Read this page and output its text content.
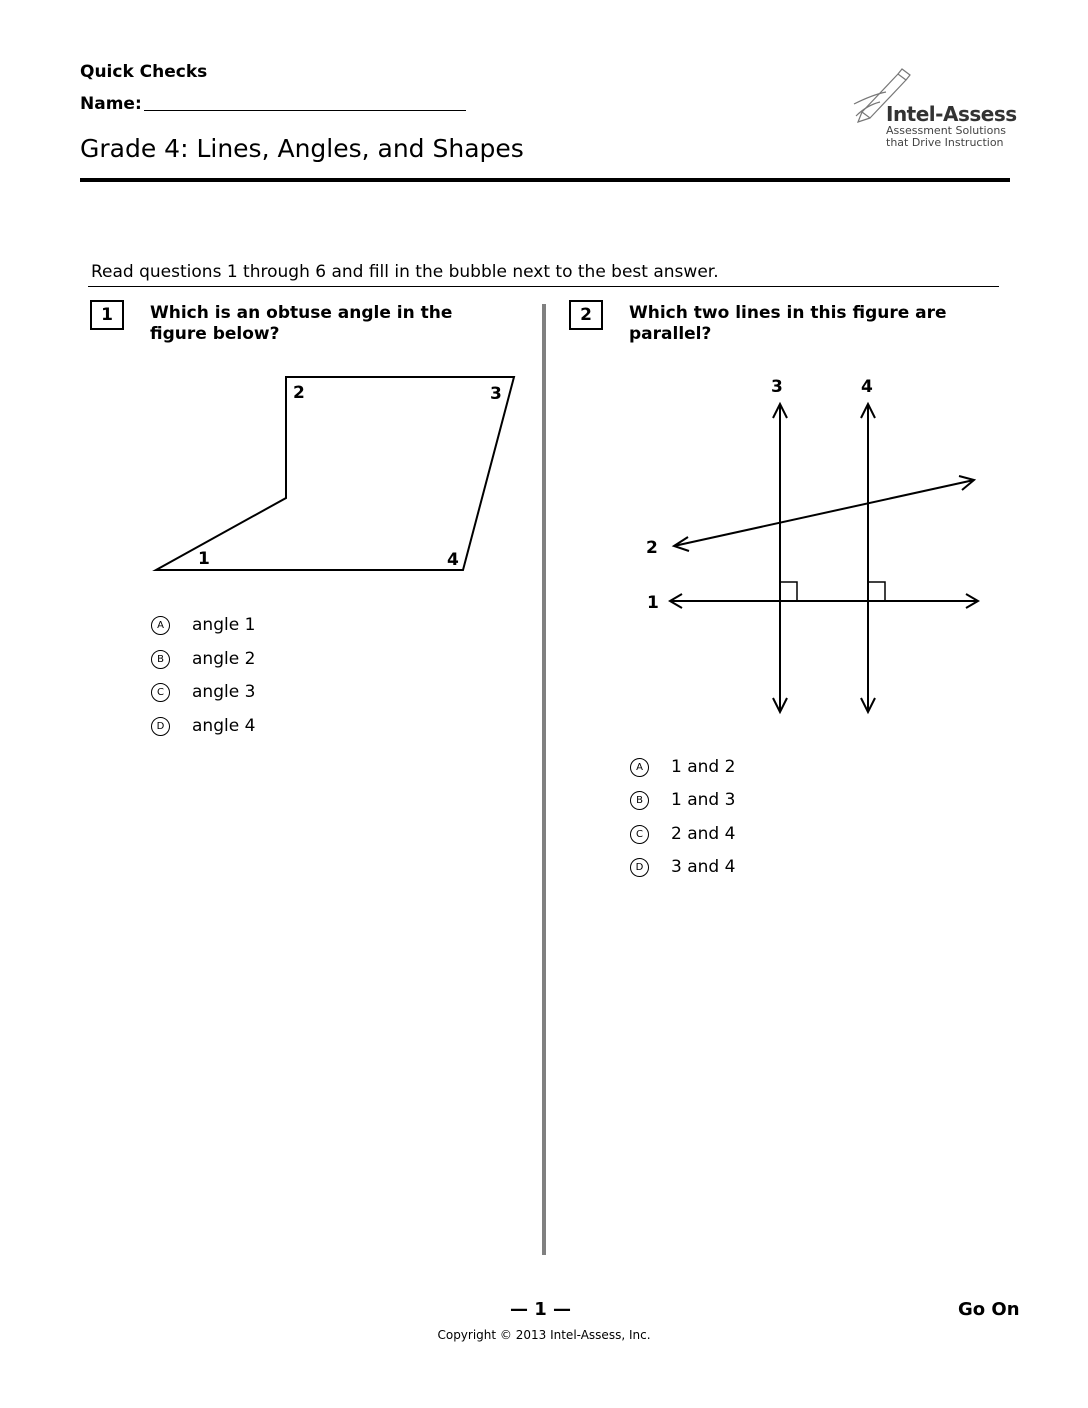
Quick Checks
Name:
Grade 4: Lines, Angles, and Shapes
Intel-Assess
Assessment Solutions
that Drive Instruction
Read questions 1 through 6 and fill in the bubble next to the best answer.
1	Which is an obtuse angle in the
figure below?
1
2	3
4
A	angle 1
B	angle 2
C	angle 3
D	angle 4
2	Which two lines in this figure are
parallel?
3	4
2
1
A	1 and 2
B	1 and 3
C	2 and 4
D	3 and 4
— 1 —	Go On
Copyright © 2013 Intel-Assess, Inc.
